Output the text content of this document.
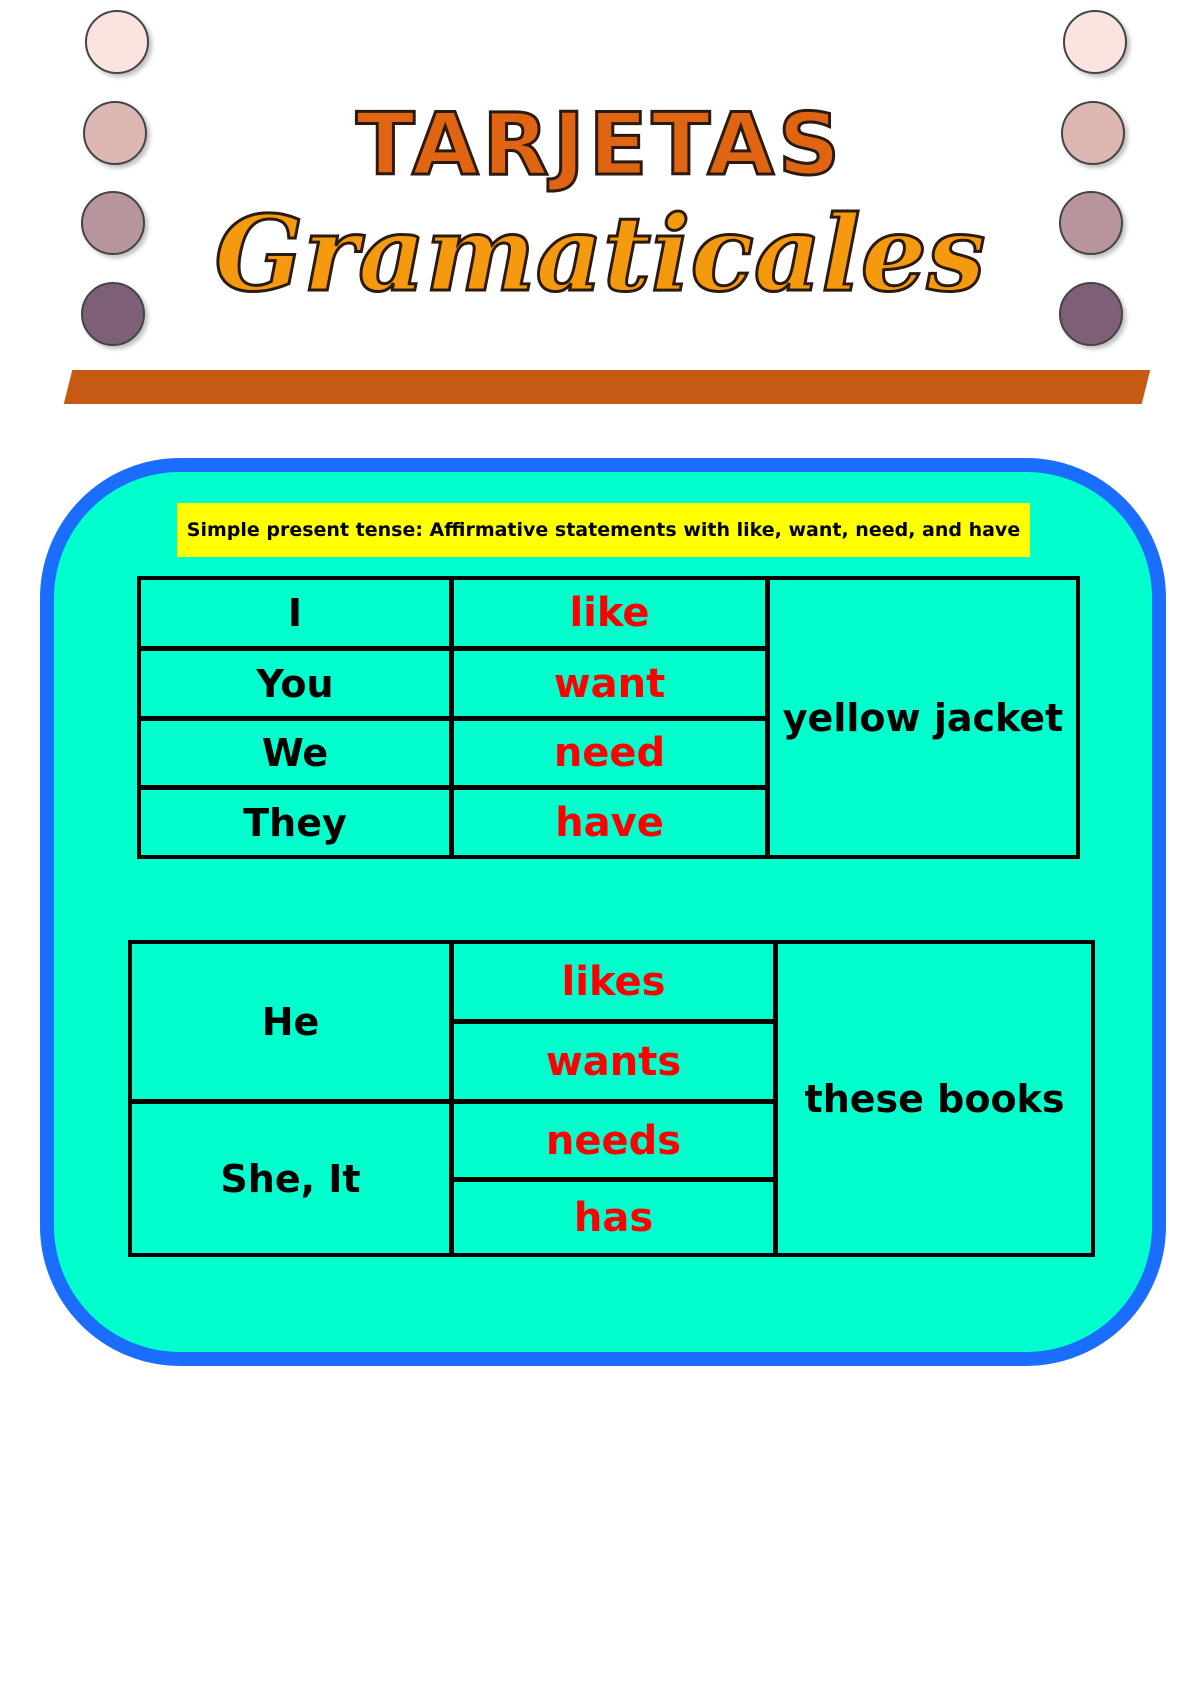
TARJETAS
Gramaticales
Simple present tense: Affirmative statements with like, want, need, and have
I
You
We
They
like
want
need
have
yellow jacket
He
She, It
likes
wants
needs
has
these books
